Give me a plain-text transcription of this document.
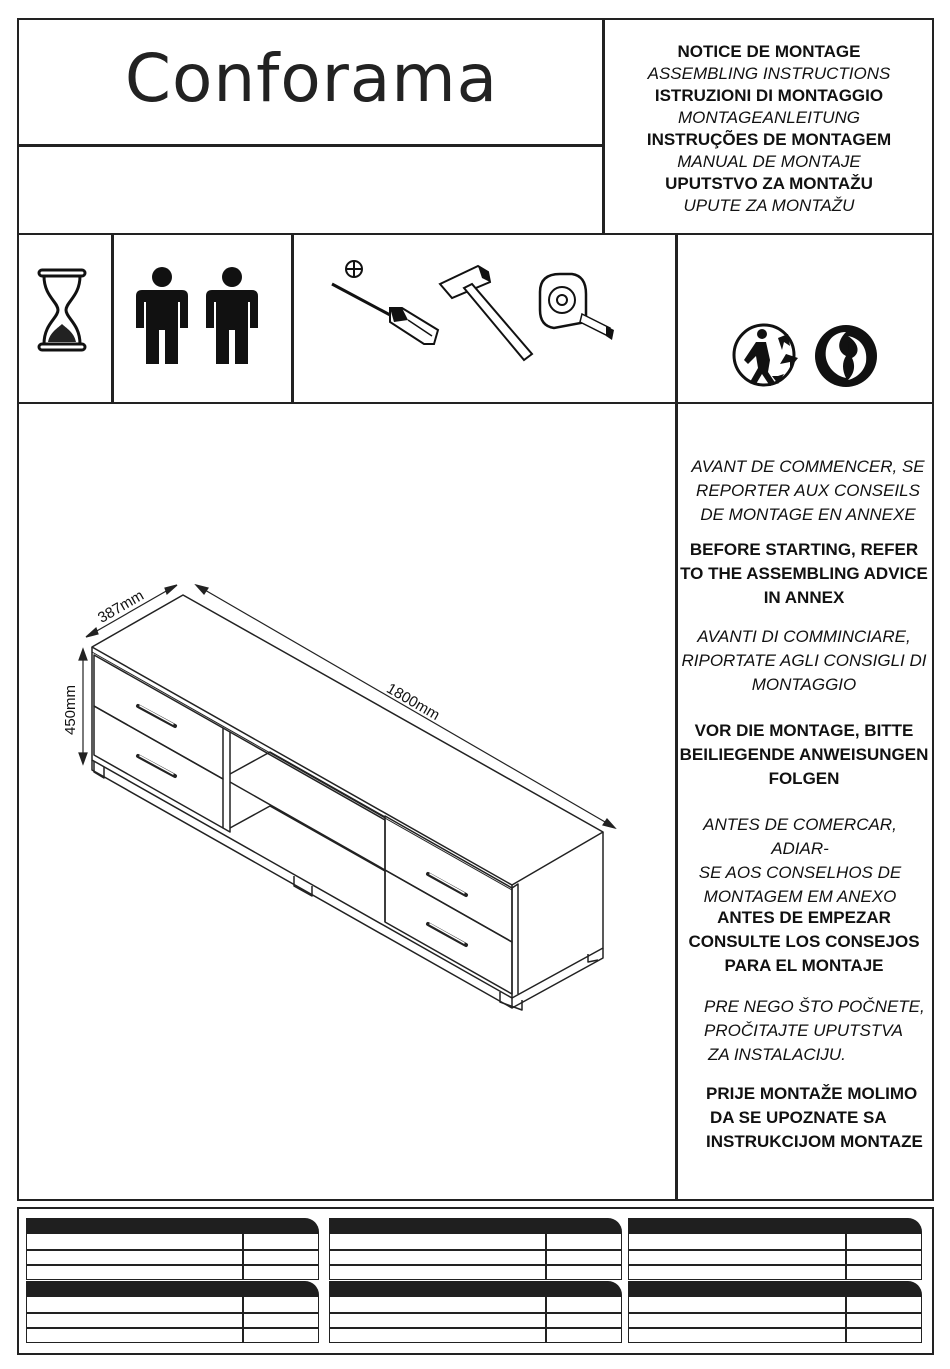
Conforama	NOTICE DE MONTAGE
ASSEMBLING INSTRUCTIONS
ISTRUZIONI DI MONTAGGIO
MONTAGEANLEITUNG
INSTRUÇÕES DE MONTAGEM
MANUAL DE MONTAJE
UPUTSTVO ZA MONTAŽU
UPUTE ZA MONTAŽU
387mm
450mm	1800mm
AVANT DE COMMENCER, SE
REPORTER AUX CONSEILS
DE MONTAGE EN ANNEXE
BEFORE STARTING, REFER
TO THE ASSEMBLING ADVICE
IN ANNEX
AVANTI DI COMMINCIARE,
RIPORTATE AGLI CONSIGLI DI
MONTAGGIO
VOR DIE MONTAGE, BITTE
BEILIEGENDE ANWEISUNGEN
FOLGEN
ANTES DE COMERCAR, ADIAR-
SE AOS CONSELHOS DE
MONTAGEM EM ANEXO
ANTES DE EMPEZAR
CONSULTE LOS CONSEJOS
PARA EL MONTAJE
PRE NEGO ŠTO POČNETE,
PROČITAJTE UPUTSTVA
ZA INSTALACIJU.
PRIJE MONTAŽE MOLIMO
DA SE UPOZNATE SA
INSTRUKCIJOM MONTAZE
